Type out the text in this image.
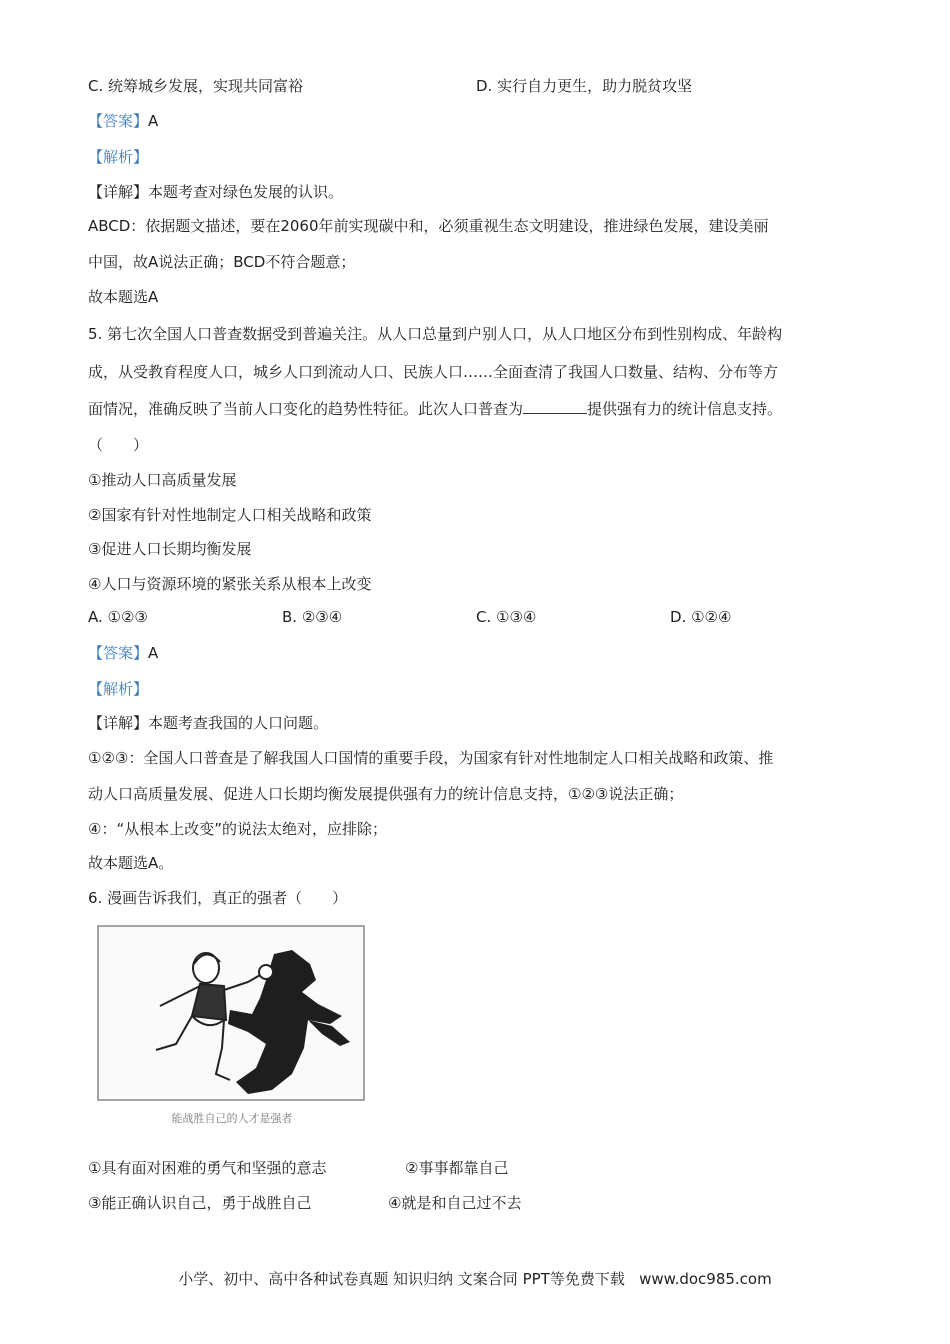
C. 统筹城乡发展，实现共同富裕	D. 实行自力更生，助力脱贫攻坚
【答案】A
【解析】
【详解】本题考查对绿色发展的认识。
ABCD：依据题文描述，要在2060年前实现碳中和，必须重视生态文明建设，推进绿色发展，建设美丽
中国，故A说法正确；BCD不符合题意；
故本题选A
5. 第七次全国人口普查数据受到普遍关注。从人口总量到户别人口，从人口地区分布到性别构成、年龄构
成，从受教育程度人口，城乡人口到流动人口、民族人口……全面查清了我国人口数量、结构、分布等方
面情况，准确反映了当前人口变化的趋势性特征。此次人口普查为	提供强有力的统计信息支持。
（　　）
①推动人口高质量发展
②国家有针对性地制定人口相关战略和政策
③促进人口长期均衡发展
④人口与资源环境的紧张关系从根本上改变
A. ①②③	B. ②③④	C. ①③④	D. ①②④
【答案】A
【解析】
【详解】本题考查我国的人口问题。
①②③：全国人口普查是了解我国人口国情的重要手段，为国家有针对性地制定人口相关战略和政策、推
动人口高质量发展、促进人口长期均衡发展提供强有力的统计信息支持，①②③说法正确；
④：“从根本上改变”的说法太绝对，应排除；
故本题选A。
6. 漫画告诉我们，真正的强者（　　）
能战胜自己的人才是强者
①具有面对困难的勇气和坚强的意志	②事事都靠自己
③能正确认识自己，勇于战胜自己	④就是和自己过不去
小学、初中、高中各种试卷真题 知识归纳 文案合同 PPT等免费下载 www.doc985.com
